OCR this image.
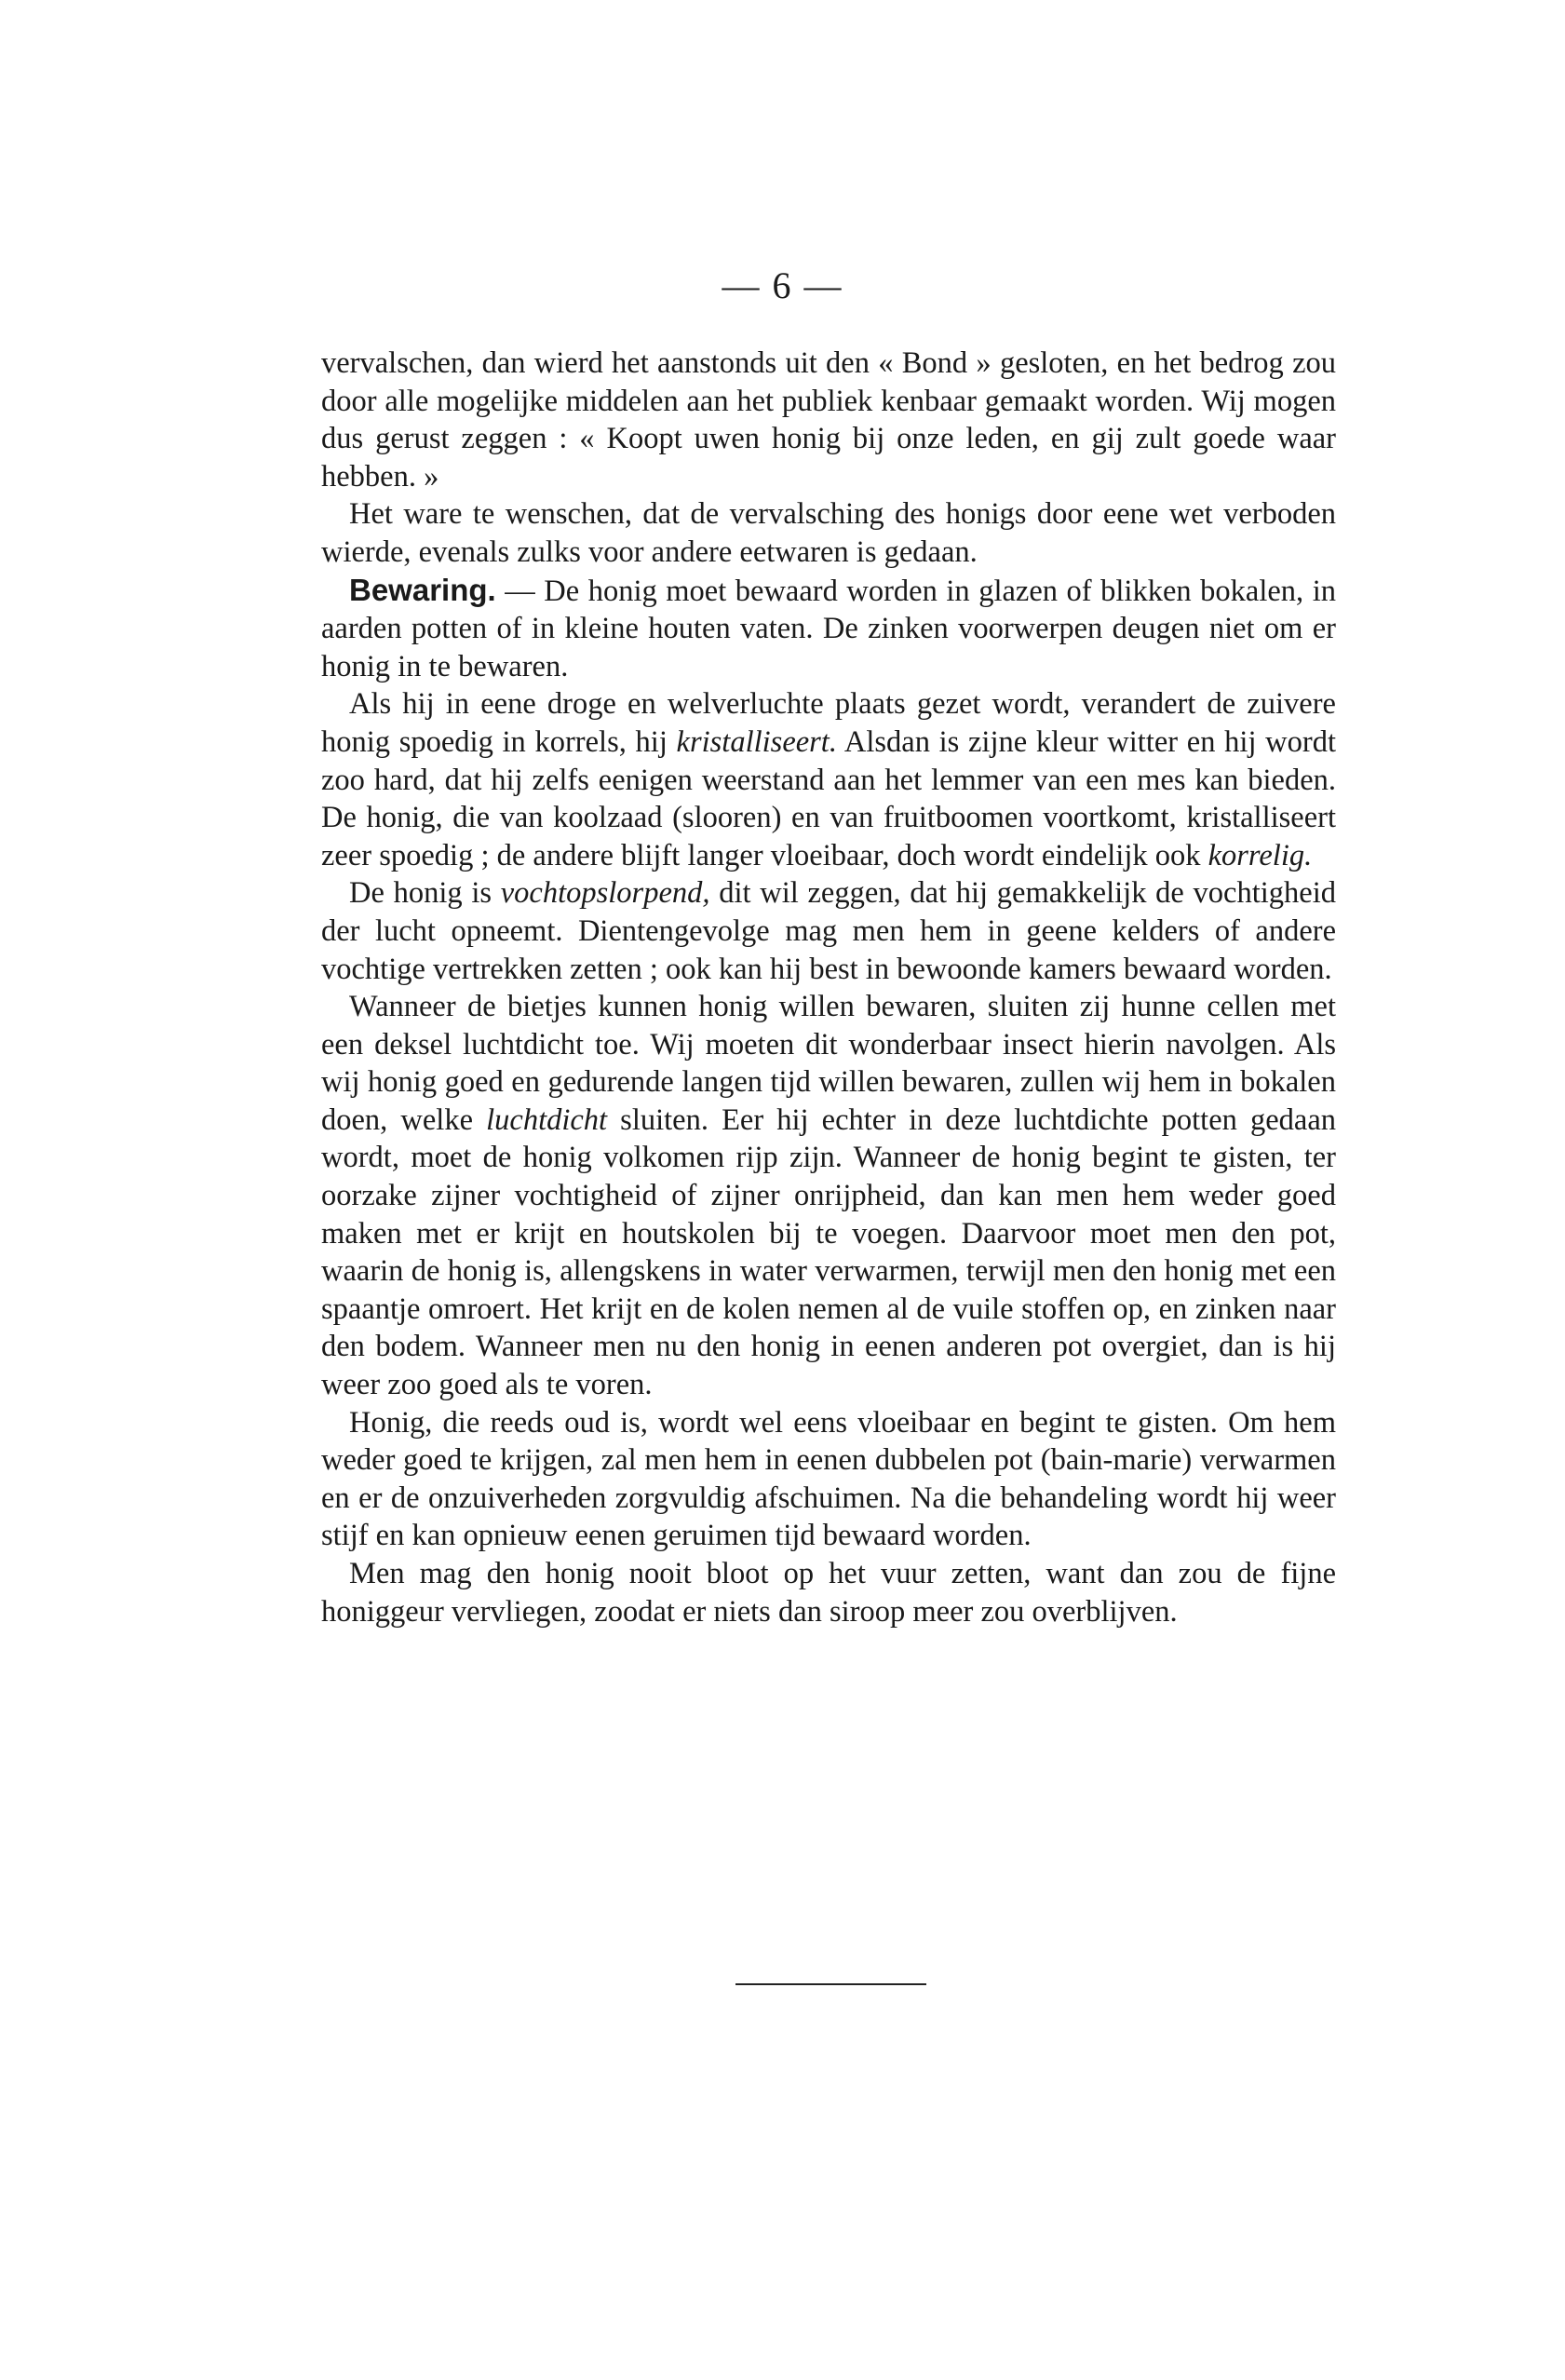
— 6 —

vervalschen, dan wierd het aanstonds uit den « Bond » gesloten, en het bedrog zou door alle mogelijke middelen aan het publiek kenbaar gemaakt worden. Wij mogen dus gerust zeggen : « Koopt uwen honig bij onze leden, en gij zult goede waar hebben. »

Het ware te wenschen, dat de vervalsching des honigs door eene wet verboden wierde, evenals zulks voor andere eetwaren is gedaan.

Bewaring. — De honig moet bewaard worden in glazen of blikken bokalen, in aarden potten of in kleine houten vaten. De zinken voorwerpen deugen niet om er honig in te bewaren.

Als hij in eene droge en welverluchte plaats gezet wordt, verandert de zuivere honig spoedig in korrels, hij kristalliseert. Alsdan is zijne kleur witter en hij wordt zoo hard, dat hij zelfs eenigen weerstand aan het lemmer van een mes kan bieden. De honig, die van koolzaad (slooren) en van fruitboomen voortkomt, kristalliseert zeer spoedig ; de andere blijft langer vloeibaar, doch wordt eindelijk ook korrelig.

De honig is vochtopslorpend, dit wil zeggen, dat hij gemakkelijk de vochtigheid der lucht opneemt. Dientengevolge mag men hem in geene kelders of andere vochtige vertrekken zetten ; ook kan hij best in bewoonde kamers bewaard worden.

Wanneer de bietjes kunnen honig willen bewaren, sluiten zij hunne cellen met een deksel luchtdicht toe. Wij moeten dit wonderbaar insect hierin navolgen. Als wij honig goed en gedurende langen tijd willen bewaren, zullen wij hem in bokalen doen, welke luchtdicht sluiten. Eer hij echter in deze luchtdichte potten gedaan wordt, moet de honig volkomen rijp zijn. Wanneer de honig begint te gisten, ter oorzake zijner vochtigheid of zijner onrijpheid, dan kan men hem weder goed maken met er krijt en houtskolen bij te voegen. Daarvoor moet men den pot, waarin de honig is, allengskens in water verwarmen, terwijl men den honig met een spaantje omroert. Het krijt en de kolen nemen al de vuile stoffen op, en zinken naar den bodem. Wanneer men nu den honig in eenen anderen pot overgiet, dan is hij weer zoo goed als te voren.

Honig, die reeds oud is, wordt wel eens vloeibaar en begint te gisten. Om hem weder goed te krijgen, zal men hem in eenen dubbelen pot (bain-marie) verwarmen en er de onzuiverheden zorgvuldig afschuimen. Na die behandeling wordt hij weer stijf en kan opnieuw eenen geruimen tijd bewaard worden.

Men mag den honig nooit bloot op het vuur zetten, want dan zou de fijne honiggeur vervliegen, zoodat er niets dan siroop meer zou overblijven.
